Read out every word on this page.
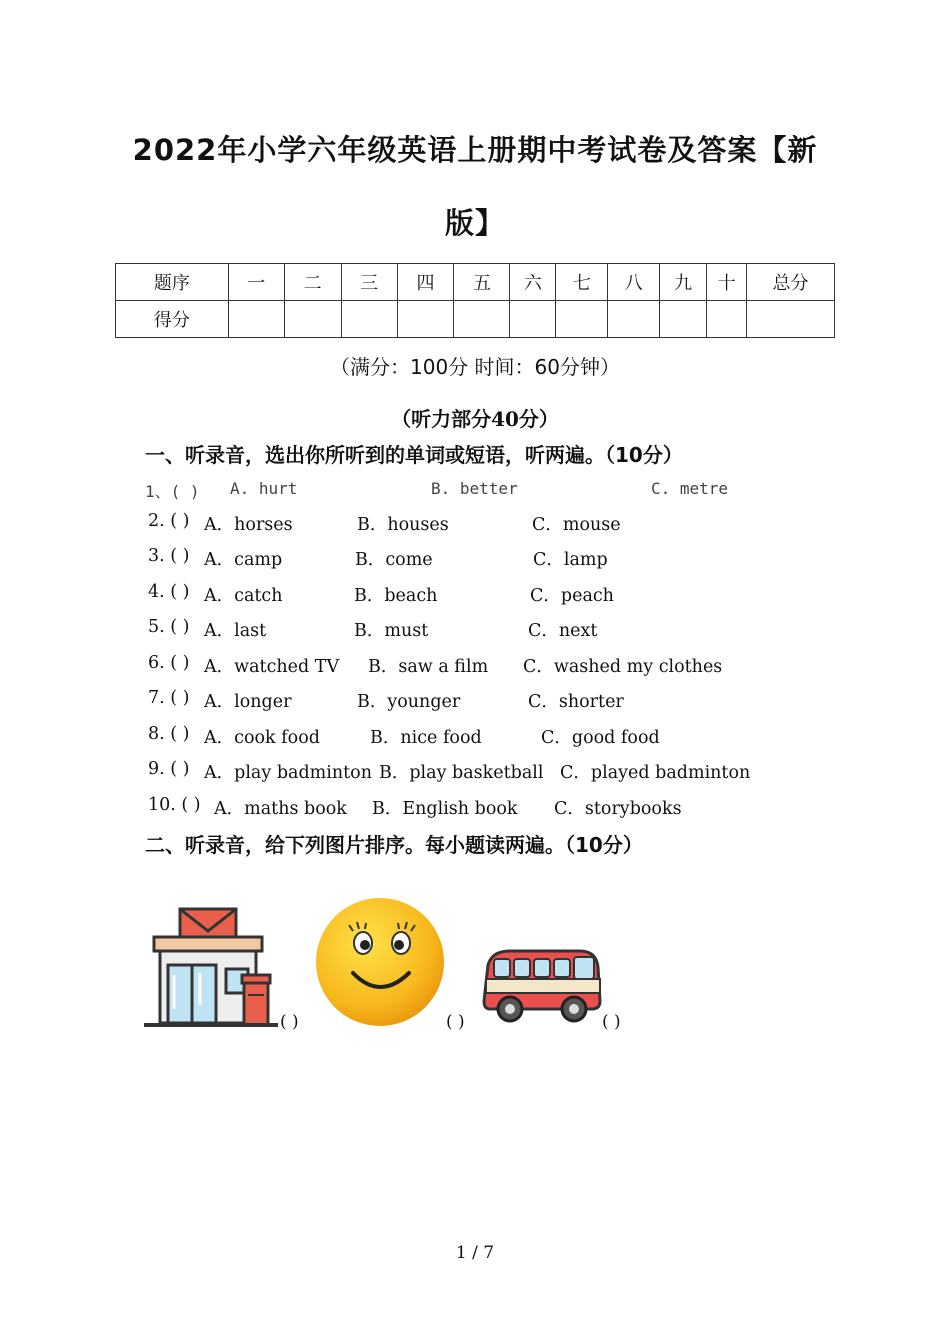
2022年小学六年级英语上册期中考试卷及答案【新
版】
题序	一	二	三	四	五	六	七	八	九	十	总分
得分											
（满分：100分 时间：60分钟）
（听力部分40分）
一、听录音，选出你所听到的单词或短语，听两遍。（10分）
1、( ) A. hurt	B. better	C. metre
2. ( ) A．horses	B．houses	C．mouse
3. ( ) A．camp	B．come	C．lamp
4. ( ) A．catch	B．beach	C．peach
5. ( ) A．last	B．must	C．next
6. ( ) A．watched TV B．saw a film C．washed my clothes
7. ( ) A．longer	B．younger	C．shorter
8. ( ) A．cook food	B．nice food	C．good food
9. ( ) A．play badminton B．play basketball C．played badminton
10. ( ) A．maths book B．English book C．storybooks
二、听录音，给下列图片排序。每小题读两遍。（10分）
( )	( )	( )
1 / 7
